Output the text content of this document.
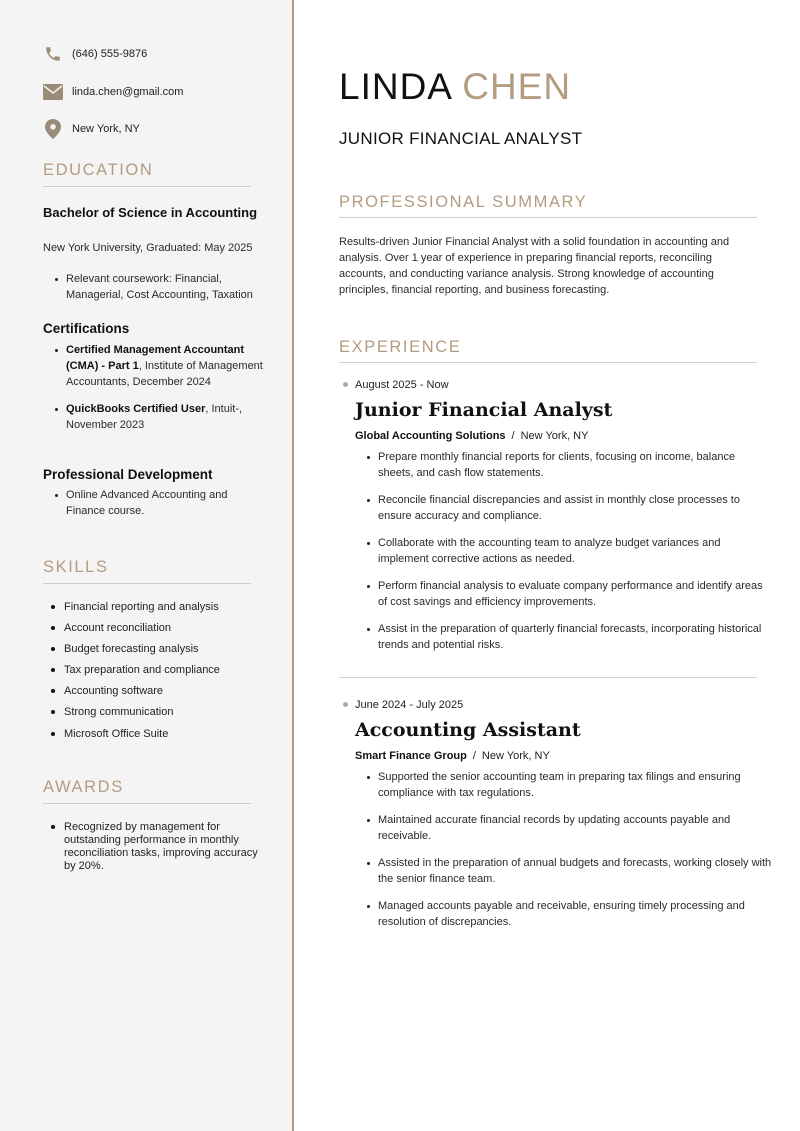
(646) 555-9876
linda.chen@gmail.com
New York, NY
EDUCATION
Bachelor of Science in Accounting
New York University, Graduated: May 2025
Relevant coursework: Financial, Managerial, Cost Accounting, Taxation
Certifications
Certified Management Accountant (CMA) - Part 1, Institute of Management Accountants, December 2024
QuickBooks Certified User, Intuit-, November 2023
Professional Development
Online Advanced Accounting and Finance course.
SKILLS
Financial reporting and analysis
Account reconciliation
Budget forecasting analysis
Tax preparation and compliance
Accounting software
Strong communication
Microsoft Office Suite
AWARDS
Recognized by management for outstanding performance in monthly reconciliation tasks, improving accuracy by 20%.
LINDA CHEN
JUNIOR FINANCIAL ANALYST
PROFESSIONAL SUMMARY
Results-driven Junior Financial Analyst with a solid foundation in accounting and analysis. Over 1 year of experience in preparing financial reports, reconciling accounts, and conducting variance analysis. Strong knowledge of accounting principles, financial reporting, and business forecasting.
EXPERIENCE
August 2025 - Now
Junior Financial Analyst
Global Accounting Solutions / New York, NY
Prepare monthly financial reports for clients, focusing on income, balance sheets, and cash flow statements.
Reconcile financial discrepancies and assist in monthly close processes to ensure accuracy and compliance.
Collaborate with the accounting team to analyze budget variances and implement corrective actions as needed.
Perform financial analysis to evaluate company performance and identify areas of cost savings and efficiency improvements.
Assist in the preparation of quarterly financial forecasts, incorporating historical trends and potential risks.
June 2024 - July 2025
Accounting Assistant
Smart Finance Group / New York, NY
Supported the senior accounting team in preparing tax filings and ensuring compliance with tax regulations.
Maintained accurate financial records by updating accounts payable and receivable.
Assisted in the preparation of annual budgets and forecasts, working closely with the senior finance team.
Managed accounts payable and receivable, ensuring timely processing and resolution of discrepancies.
